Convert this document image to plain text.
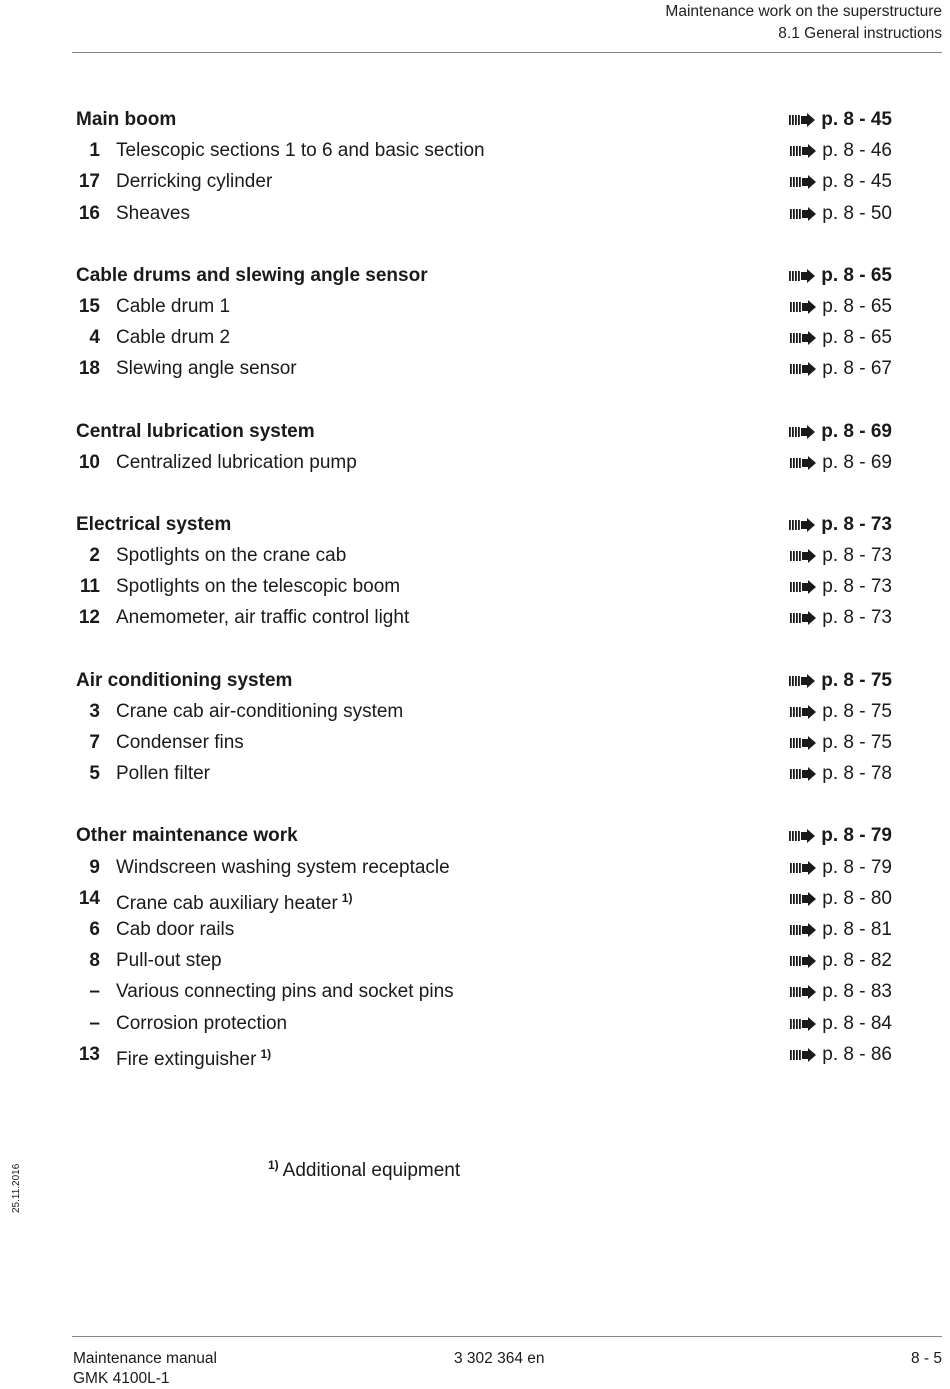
Maintenance work on the superstructure
8.1 General instructions
Main boom	p. 8 - 45
1 Telescopic sections 1 to 6 and basic section	p. 8 - 46
17 Derricking cylinder	p. 8 - 45
16 Sheaves	p. 8 - 50
Cable drums and slewing angle sensor	p. 8 - 65
15 Cable drum 1	p. 8 - 65
4 Cable drum 2	p. 8 - 65
18 Slewing angle sensor	p. 8 - 67
Central lubrication system	p. 8 - 69
10 Centralized lubrication pump	p. 8 - 69
Electrical system	p. 8 - 73
2 Spotlights on the crane cab	p. 8 - 73
11 Spotlights on the telescopic boom	p. 8 - 73
12 Anemometer, air traffic control light	p. 8 - 73
Air conditioning system	p. 8 - 75
3 Crane cab air-conditioning system	p. 8 - 75
7 Condenser fins	p. 8 - 75
5 Pollen filter	p. 8 - 78
Other maintenance work	p. 8 - 79
9 Windscreen washing system receptacle	p. 8 - 79
14 Crane cab auxiliary heater $^{1)}$	p. 8 - 80
6 Cab door rails	p. 8 - 81
8 Pull-out step	p. 8 - 82
– Various connecting pins and socket pins	p. 8 - 83
– Corrosion protection	p. 8 - 84
13 Fire extinguisher $^{1)}$	p. 8 - 86
$^{1)}$ Additional equipment
25.11.2016
Maintenance manual
GMK 4100L-1
3 302 364 en	8 - 5
